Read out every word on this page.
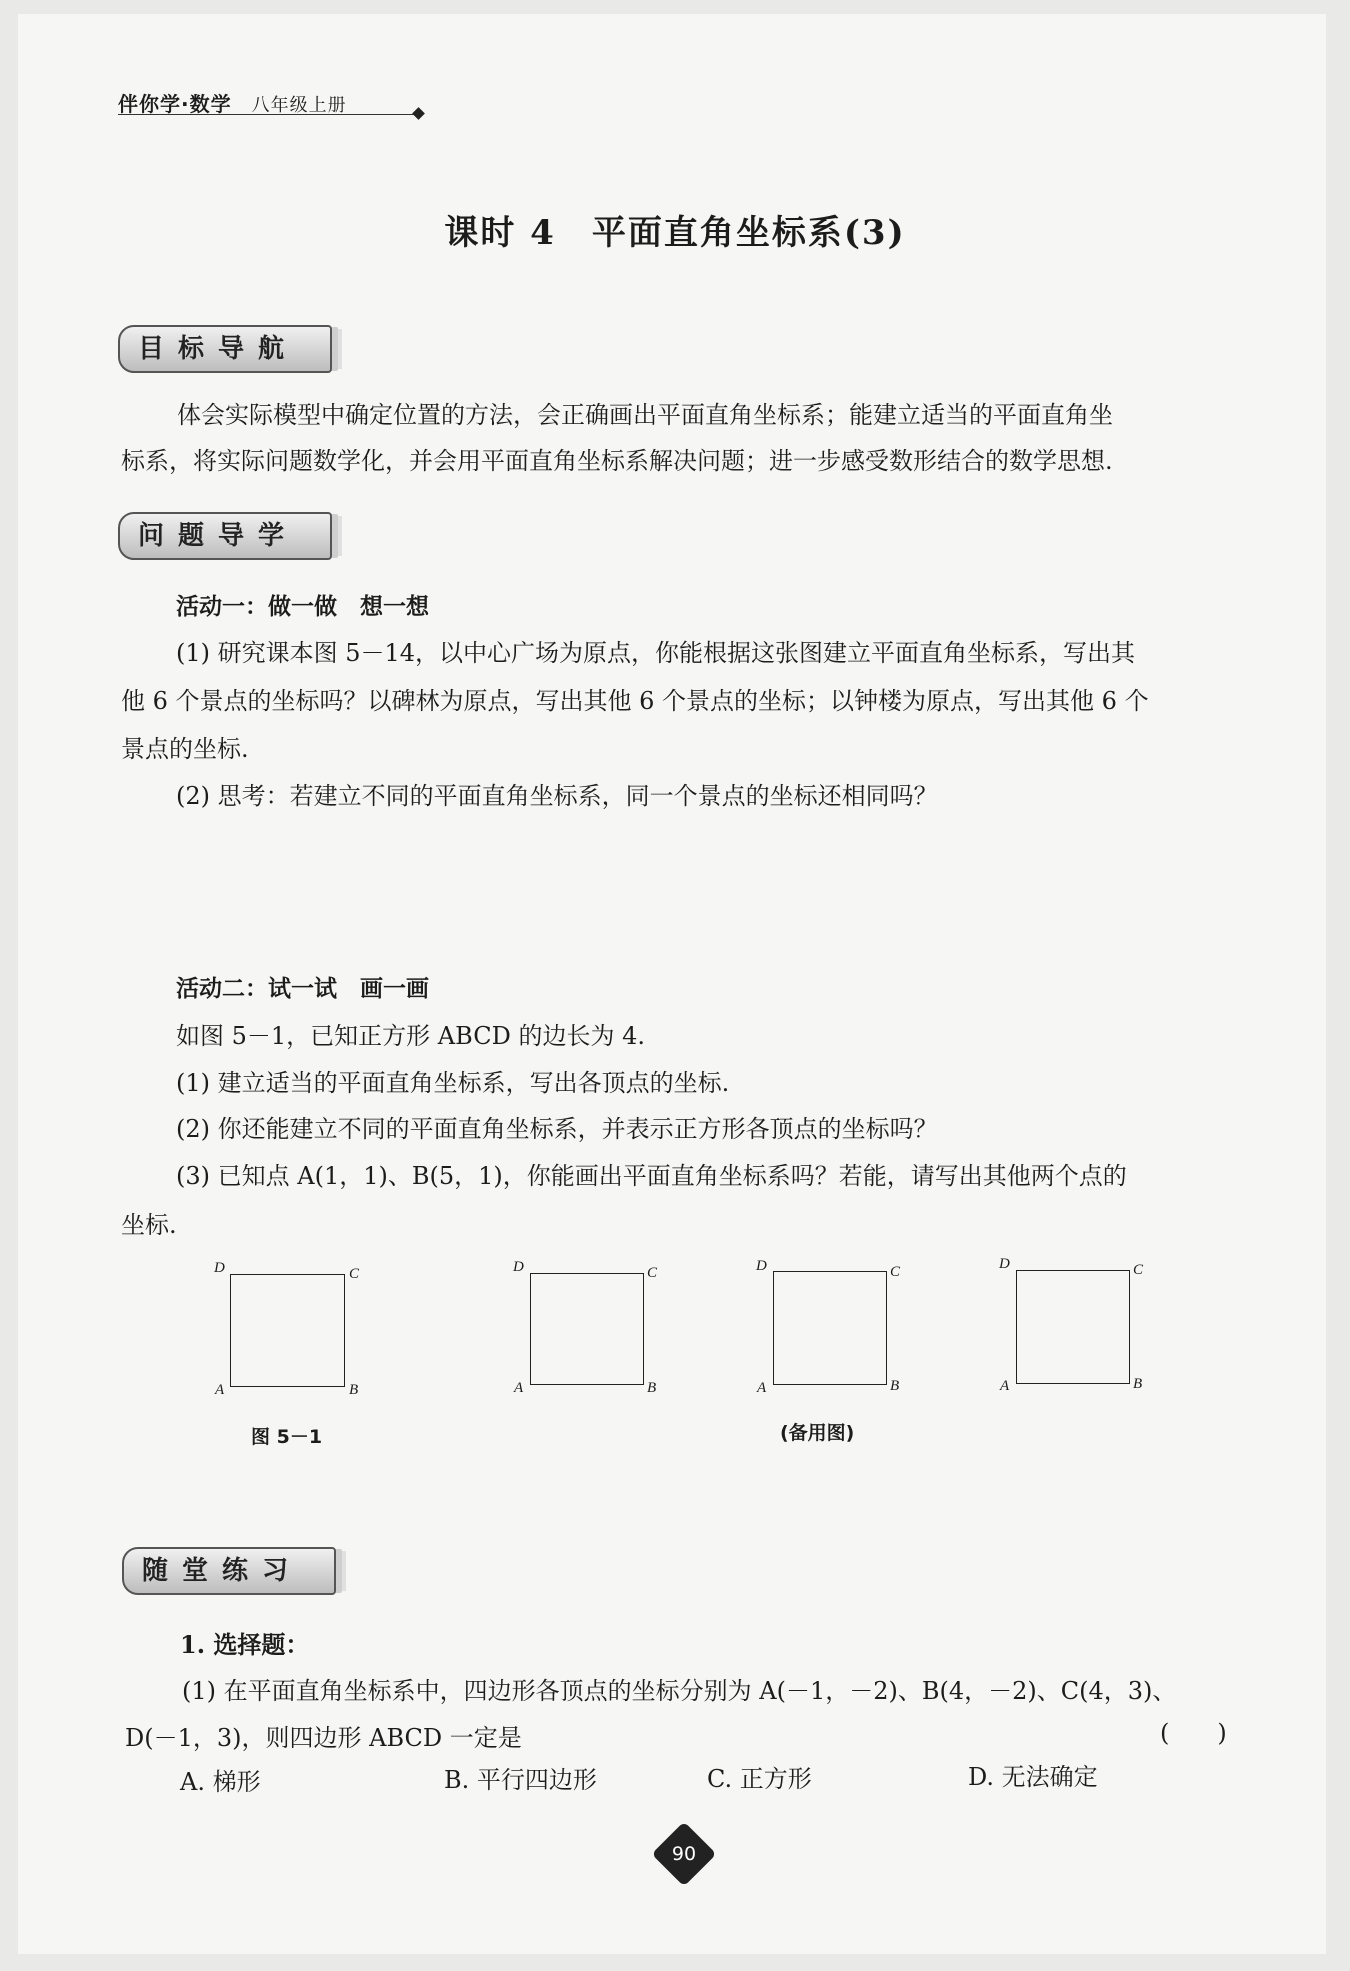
伴你学·数学 八年级上册
课时 4 平面直角坐标系(3)
目标导航
体会实际模型中确定位置的方法，会正确画出平面直角坐标系；能建立适当的平面直角坐
标系，将实际问题数学化，并会用平面直角坐标系解决问题；进一步感受数形结合的数学思想.
问题导学
活动一：做一做　想一想
(1) 研究课本图 5－14，以中心广场为原点，你能根据这张图建立平面直角坐标系，写出其
他 6 个景点的坐标吗？以碑林为原点，写出其他 6 个景点的坐标；以钟楼为原点，写出其他 6 个
景点的坐标.
(2) 思考：若建立不同的平面直角坐标系，同一个景点的坐标还相同吗？
活动二：试一试　画一画
如图 5－1，已知正方形 ABCD 的边长为 4.
(1) 建立适当的平面直角坐标系，写出各顶点的坐标.
(2) 你还能建立不同的平面直角坐标系，并表示正方形各顶点的坐标吗？
(3) 已知点 A(1，1)、B(5，1)，你能画出平面直角坐标系吗？若能，请写出其他两个点的
坐标.
D	C
A	B
D	C
A	B
D	C
A	B
D	C
A	B
图 5－1	(备用图)
随堂练习
1. 选择题：
(1) 在平面直角坐标系中，四边形各顶点的坐标分别为 A(－1，－2)、B(4，－2)、C(4，3)、
D(－1，3)，则四边形 ABCD 一定是	(　　)
A. 梯形	B. 平行四边形	C. 正方形	D. 无法确定
90
